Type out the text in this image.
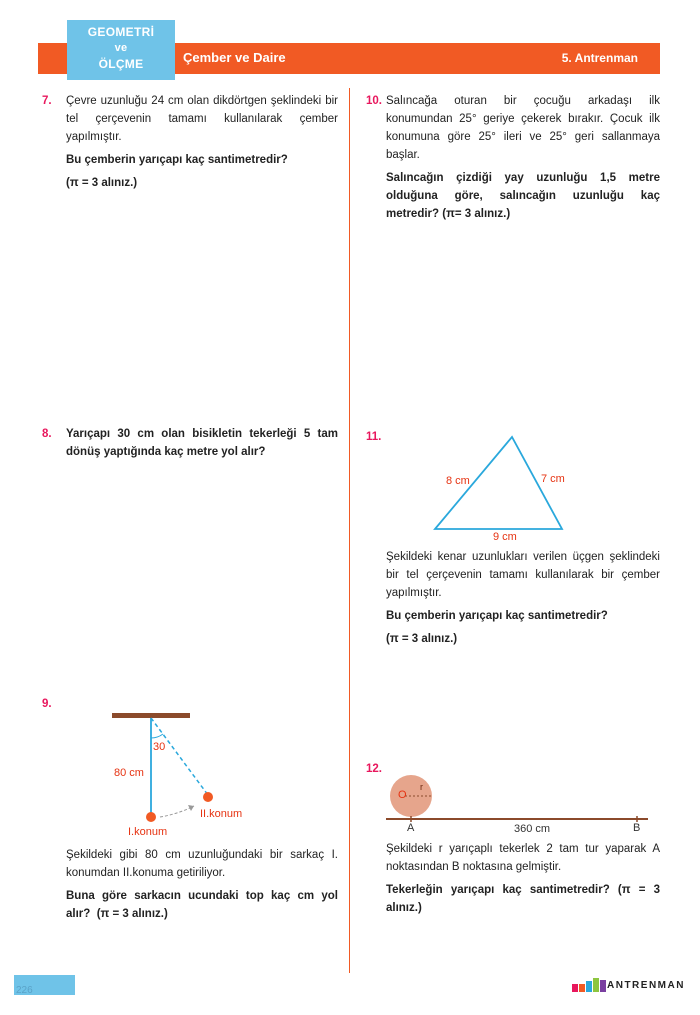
GEOMETRİ
ve
ÖLÇME	Çember ve Daire	5. Antrenman
7. Çevre uzunluğu 24 cm olan dikdörtgen şeklindeki bir tel çerçevenin tamamı kullanılarak çember yapılmıştır.

Bu çemberin yarıçapı kaç santimetredir?

(π = 3 alınız.)

8. Yarıçapı 30 cm olan bisikletin tekerleği 5 tam dönüş yaptığında kaç metre yol alır?

9.
30
80 cm
I.konum
II.konum

Şekildeki gibi 80 cm uzunluğundaki bir sarkaç I. konumdan II.konuma getiriliyor.

Buna göre sarkacın ucundaki top kaç cm yol alır? (π = 3 alınız.)

10. Salıncağa oturan bir çocuğu arkadaşı ilk konumundan 25° geriye çekerek bırakır. Çocuk ilk konumuna göre 25° ileri ve 25° geri sallanmaya başlar.

Salıncağın çizdiği yay uzunluğu 1,5 metre olduğuna göre, salıncağın uzunluğu kaç metredir? (π= 3 alınız.)

11.
8 cm	7 cm
9 cm

Şekildeki kenar uzunlukları verilen üçgen şeklindeki bir tel çerçevenin tamamı kullanılarak bir çember yapılmıştır.

Bu çemberin yarıçapı kaç santimetredir?

(π = 3 alınız.)

12.
O
r
A	B
360 cm

Şekildeki r yarıçaplı tekerlek 2 tam tur yaparak A noktasından B noktasına gelmiştir.

Tekerleğin yarıçapı kaç santimetredir? (π = 3 alınız.)

226	ANTRENMAN
